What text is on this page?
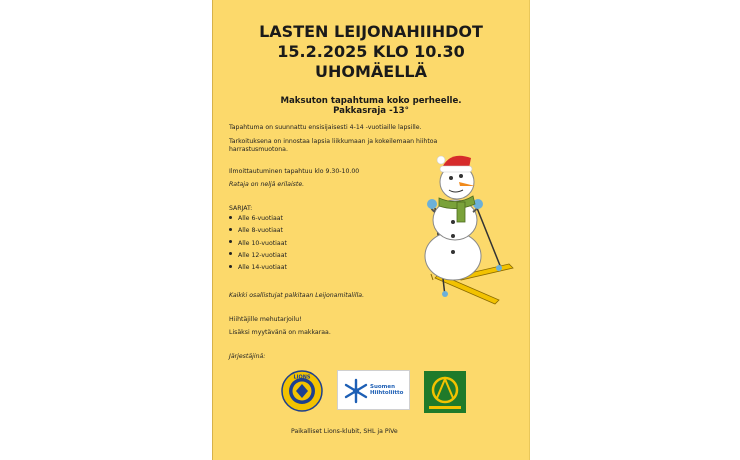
LASTEN LEIJONAHIIHDOT
15.2.2025 KLO 10.30
UHOMÄELLÄ
Maksuton tapahtuma koko perheelle.
Pakkasraja -13°
Tapahtuma on suunnattu ensisijaisesti 4-14 -vuotiaille lapsille.
Tarkoituksena on innostaa lapsia liikkumaan ja kokeilemaan hiihtoa
harrastusmuotona.
Ilmoittautuminen tapahtuu klo 9.30-10.00
Rataja on neljä erilaiste.
SARJAT:
Alle 6-vuotiaat
Alle 8-vuotiaat
Alle 10-vuotiaat
Alle 12-vuotiaat
Alle 14-vuotiaat
Kaikki osallistujat palkitaan Leijonamitalilla.
Hiihtäjille mehutarjoilu!
Lisäksi myytävänä on makkaraa.
Järjestäjinä:
LIONS
Suomen
Hiihtoliitto
Paikalliset Lions-klubit, SHL ja PiVe
